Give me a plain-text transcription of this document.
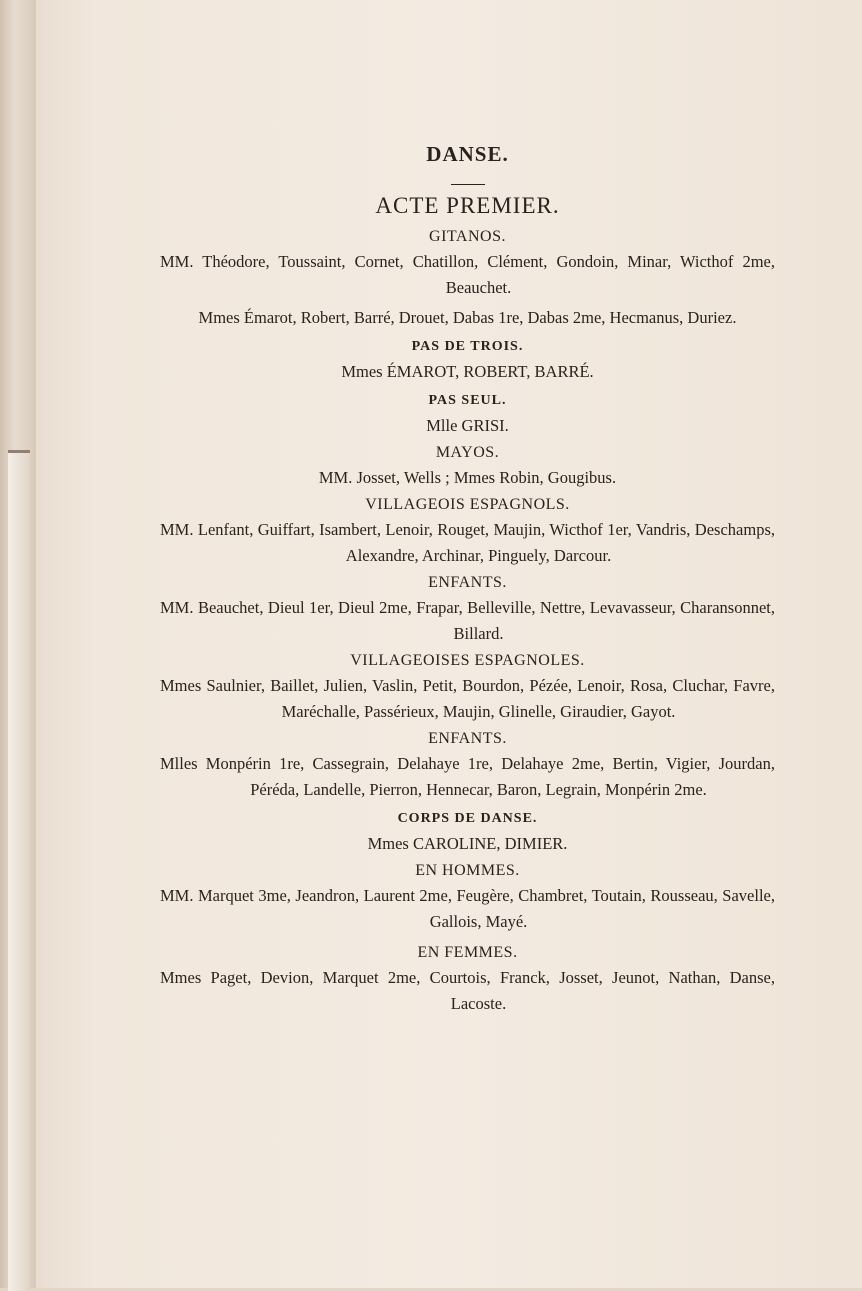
DANSE.

ACTE PREMIER.

GITANOS.

MM. Théodore, Toussaint, Cornet, Chatillon, Clément, Gondoin, Minar, Wicthof 2me, Beauchet.

Mmes Émarot, Robert, Barré, Drouet, Dabas 1re, Dabas 2me, Hecmanus, Duriez.

PAS DE TROIS.

Mmes ÉMAROT, ROBERT, BARRÉ.

PAS SEUL.

Mlle GRISI.

MAYOS.

MM. Josset, Wells ; Mmes Robin, Gougibus.

VILLAGEOIS ESPAGNOLS.

MM. Lenfant, Guiffart, Isambert, Lenoir, Rouget, Maujin, Wicthof 1er, Vandris, Deschamps, Alexandre, Archinar, Pinguely, Darcour.

ENFANTS.

MM. Beauchet, Dieul 1er, Dieul 2me, Frapar, Belleville, Nettre, Levavasseur, Charansonnet, Billard.

VILLAGEOISES ESPAGNOLES.

Mmes Saulnier, Baillet, Julien, Vaslin, Petit, Bourdon, Pézée, Lenoir, Rosa, Cluchar, Favre, Maréchalle, Passérieux, Maujin, Glinelle, Giraudier, Gayot.

ENFANTS.

Mlles Monpérin 1re, Cassegrain, Delahaye 1re, Delahaye 2me, Bertin, Vigier, Jourdan, Péréda, Landelle, Pierron, Hennecar, Baron, Legrain, Monpérin 2me.

CORPS DE DANSE.

Mmes CAROLINE, DIMIER.

EN HOMMES.

MM. Marquet 3me, Jeandron, Laurent 2me, Feugère, Chambret, Toutain, Rousseau, Savelle, Gallois, Mayé.

EN FEMMES.

Mmes Paget, Devion, Marquet 2me, Courtois, Franck, Josset, Jeunot, Nathan, Danse, Lacoste.
